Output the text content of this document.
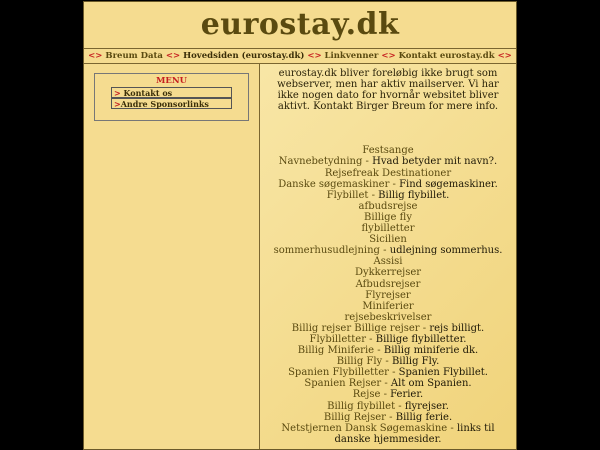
eurostay.dk
<> Breum Data <> Hovedsiden (eurostay.dk) <> Linkvenner <> Kontakt eurostay.dk <>
MENU
> Kontakt os
>Andre Sponsorlinks
eurostay.dk bliver foreløbig ikke brugt som webserver, men har aktiv mailserver. Vi har ikke nogen dato for hvornår websitet bliver aktivt. Kontakt Birger Breum for mere info.
Festsange
Navnebetydning - Hvad betyder mit navn?.
Rejsefreak Destinationer
Danske søgemaskiner - Find søgemaskiner.
Flybillet - Billig flybillet.
afbudsrejse
Billige fly
flybilletter
Sicilien
sommerhusudlejning - udlejning sommerhus.
Assisi
Dykkerrejser
Afbudsrejser
Flyrejser
Miniferier
rejsebeskrivelser
Billig rejser Billige rejser - rejs billigt.
Flybilletter - Billige flybilletter.
Billig Miniferie - Billig miniferie dk.
Billig Fly - Billig Fly.
Spanien Flybilletter - Spanien Flybillet.
Spanien Rejser - Alt om Spanien.
Rejse - Ferier.
Billig flybillet - flyrejser.
Billig Rejser - Billig ferie.
Netstjernen Dansk Søgemaskine - links til
danske hjemmesider.
